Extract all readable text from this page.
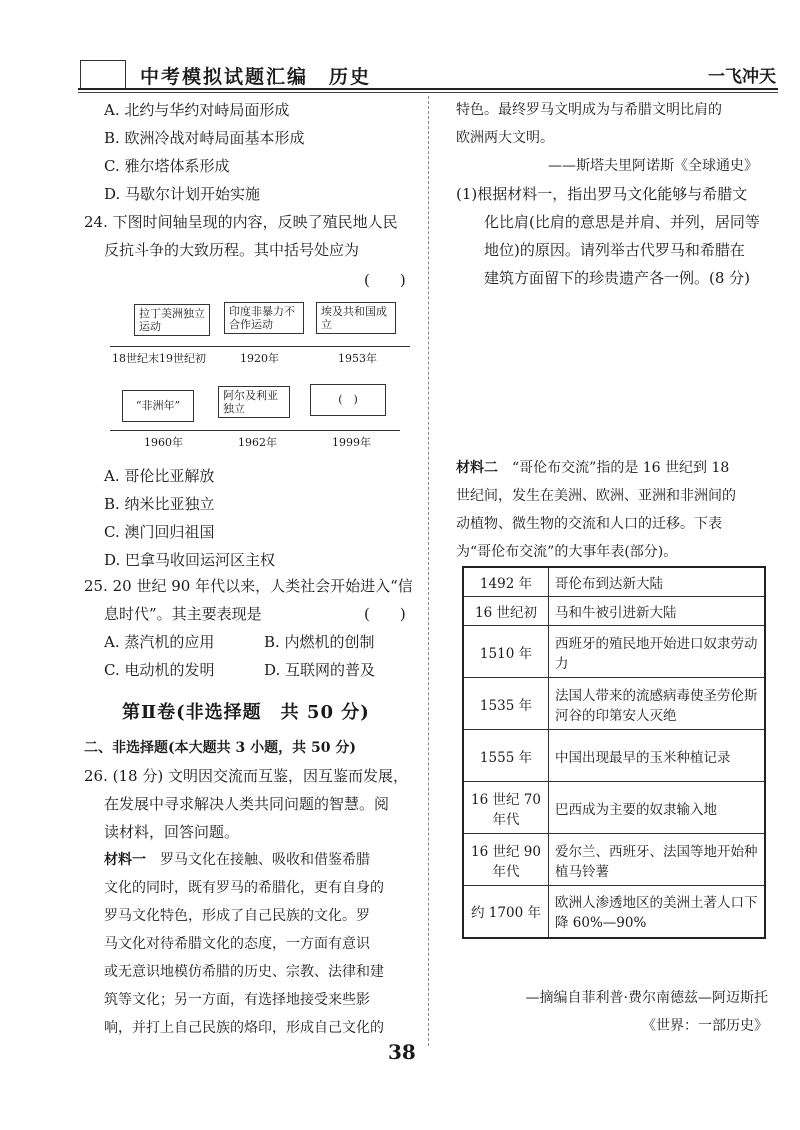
中考模拟试题汇编　历史	一飞冲天
A. 北约与华约对峙局面形成
B. 欧洲冷战对峙局面基本形成
C. 雅尔塔体系形成
D. 马歇尔计划开始实施
24. 下图时间轴呈现的内容，反映了殖民地人民
反抗斗争的大致历程。其中括号处应为
(　　)
拉丁美洲独立运动
印度非暴力不合作运动
埃及共和国成立
18世纪末19世纪初	1920年	1953年
“非洲年”
阿尔及利亚独立
(　)
1960年	1962年	1999年
A. 哥伦比亚解放
B. 纳米比亚独立
C. 澳门回归祖国
D. 巴拿马收回运河区主权
25. 20 世纪 90 年代以来，人类社会开始进入“信
息时代”。其主要表现是	(　　)
A. 蒸汽机的应用	B. 内燃机的创制
C. 电动机的发明	D. 互联网的普及
第Ⅱ卷(非选择题　共 50 分)
二、非选择题(本大题共 3 小题，共 50 分)
26. (18 分) 文明因交流而互鉴，因互鉴而发展，
在发展中寻求解决人类共同问题的智慧。阅
读材料，回答问题。
材料一　 罗马文化在接触、吸收和借鉴希腊
文化的同时，既有罗马的希腊化，更有自身的
罗马文化特色，形成了自己民族的文化。罗
马文化对待希腊文化的态度，一方面有意识
或无意识地模仿希腊的历史、宗教、法律和建
筑等文化；另一方面，有选择地接受来些影
响，并打上自己民族的烙印，形成自己文化的
特色。最终罗马文明成为与希腊文明比肩的
欧洲两大文明。
——斯塔夫里阿诺斯《全球通史》
(1)根据材料一，指出罗马文化能够与希腊文
化比肩(比肩的意思是并肩、并列，居同等
地位)的原因。请列举古代罗马和希腊在
建筑方面留下的珍贵遗产各一例。(8 分)
材料二　 “哥伦布交流”指的是 16 世纪到 18
世纪间，发生在美洲、欧洲、亚洲和非洲间的
动植物、微生物的交流和人口的迁移。下表
为“哥伦布交流”的大事年表(部分)。
1492 年	哥伦布到达新大陆
16 世纪初	马和牛被引进新大陆
1510 年	西班牙的殖民地开始进口奴隶劳动力
1535 年	法国人带来的流感病毒使圣劳伦斯河谷的印第安人灭绝
1555 年	中国出现最早的玉米种植记录
16 世纪 70 年代	巴西成为主要的奴隶输入地
16 世纪 90 年代	爱尔兰、西班牙、法国等地开始种植马铃薯
约 1700 年	欧洲人渗透地区的美洲土著人口下降 60%—90%
—摘编自菲利普·费尔南德兹—阿迈斯托
《世界：一部历史》
38
